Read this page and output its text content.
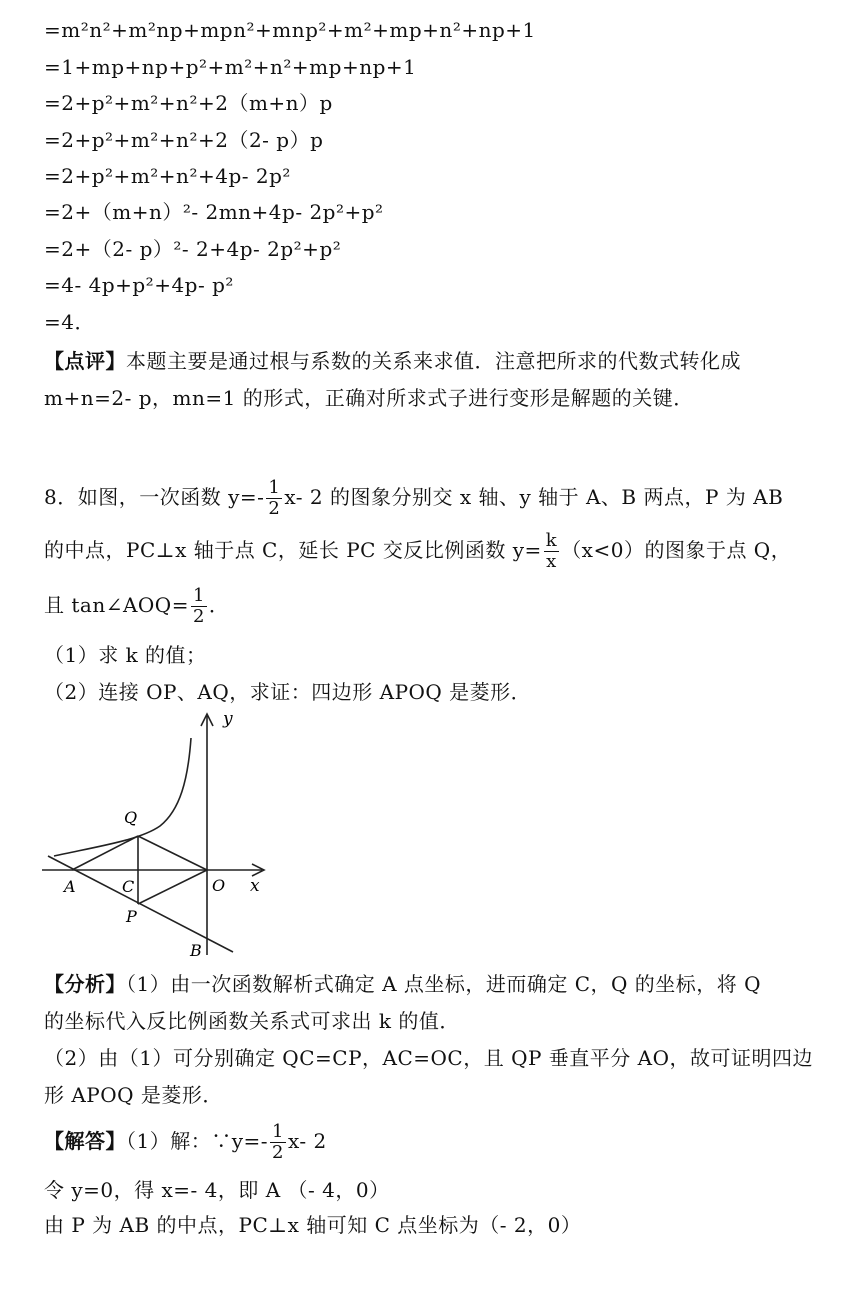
=m²n²+m²np+mpn²+mnp²+m²+mp+n²+np+1
=1+mp+np+p²+m²+n²+mp+np+1
=2+p²+m²+n²+2（m+n）p
=2+p²+m²+n²+2（2- p）p
=2+p²+m²+n²+4p- 2p²
=2+（m+n）²- 2mn+4p- 2p²+p²
=2+（2- p）²- 2+4p- 2p²+p²
=4- 4p+p²+4p- p²
=4．
【点评】本题主要是通过根与系数的关系来求值．注意把所求的代数式转化成
m+n=2- p，mn=1 的形式，正确对所求式子进行变形是解题的关键．
8．如图，一次函数 $y=- \frac{1}{2} x-$ 2 的图象分别交 x 轴、y 轴于 A、B 两点，P 为 AB
的中点，PC⊥x 轴于点 C，延长 PC 交反比例函数 $y= \frac{k}{x} (x<0)$的图象于点 Q，
且 tan∠AOQ= $\frac{1}{2}$ ．
（1）求 k 的值；
（2）连接 OP、AQ，求证：四边形 APOQ 是菱形．
y
x
Q
A	C	O
P
B
【分析】（1）由一次函数解析式确定 A 点坐标，进而确定 C，Q 的坐标，将 Q
的坐标代入反比例函数关系式可求出 k 的值．
（2）由（1）可分别确定 QC=CP，AC=OC，且 QP 垂直平分 AO，故可证明四边
形 APOQ 是菱形．
【解答】（1）解：∵y=- $\frac{1}{2} x-$ 2
令 y=0，得 x=- 4，即 A （- 4，0）
由 P 为 AB 的中点，PC⊥x 轴可知 C 点坐标为（- 2，0）
